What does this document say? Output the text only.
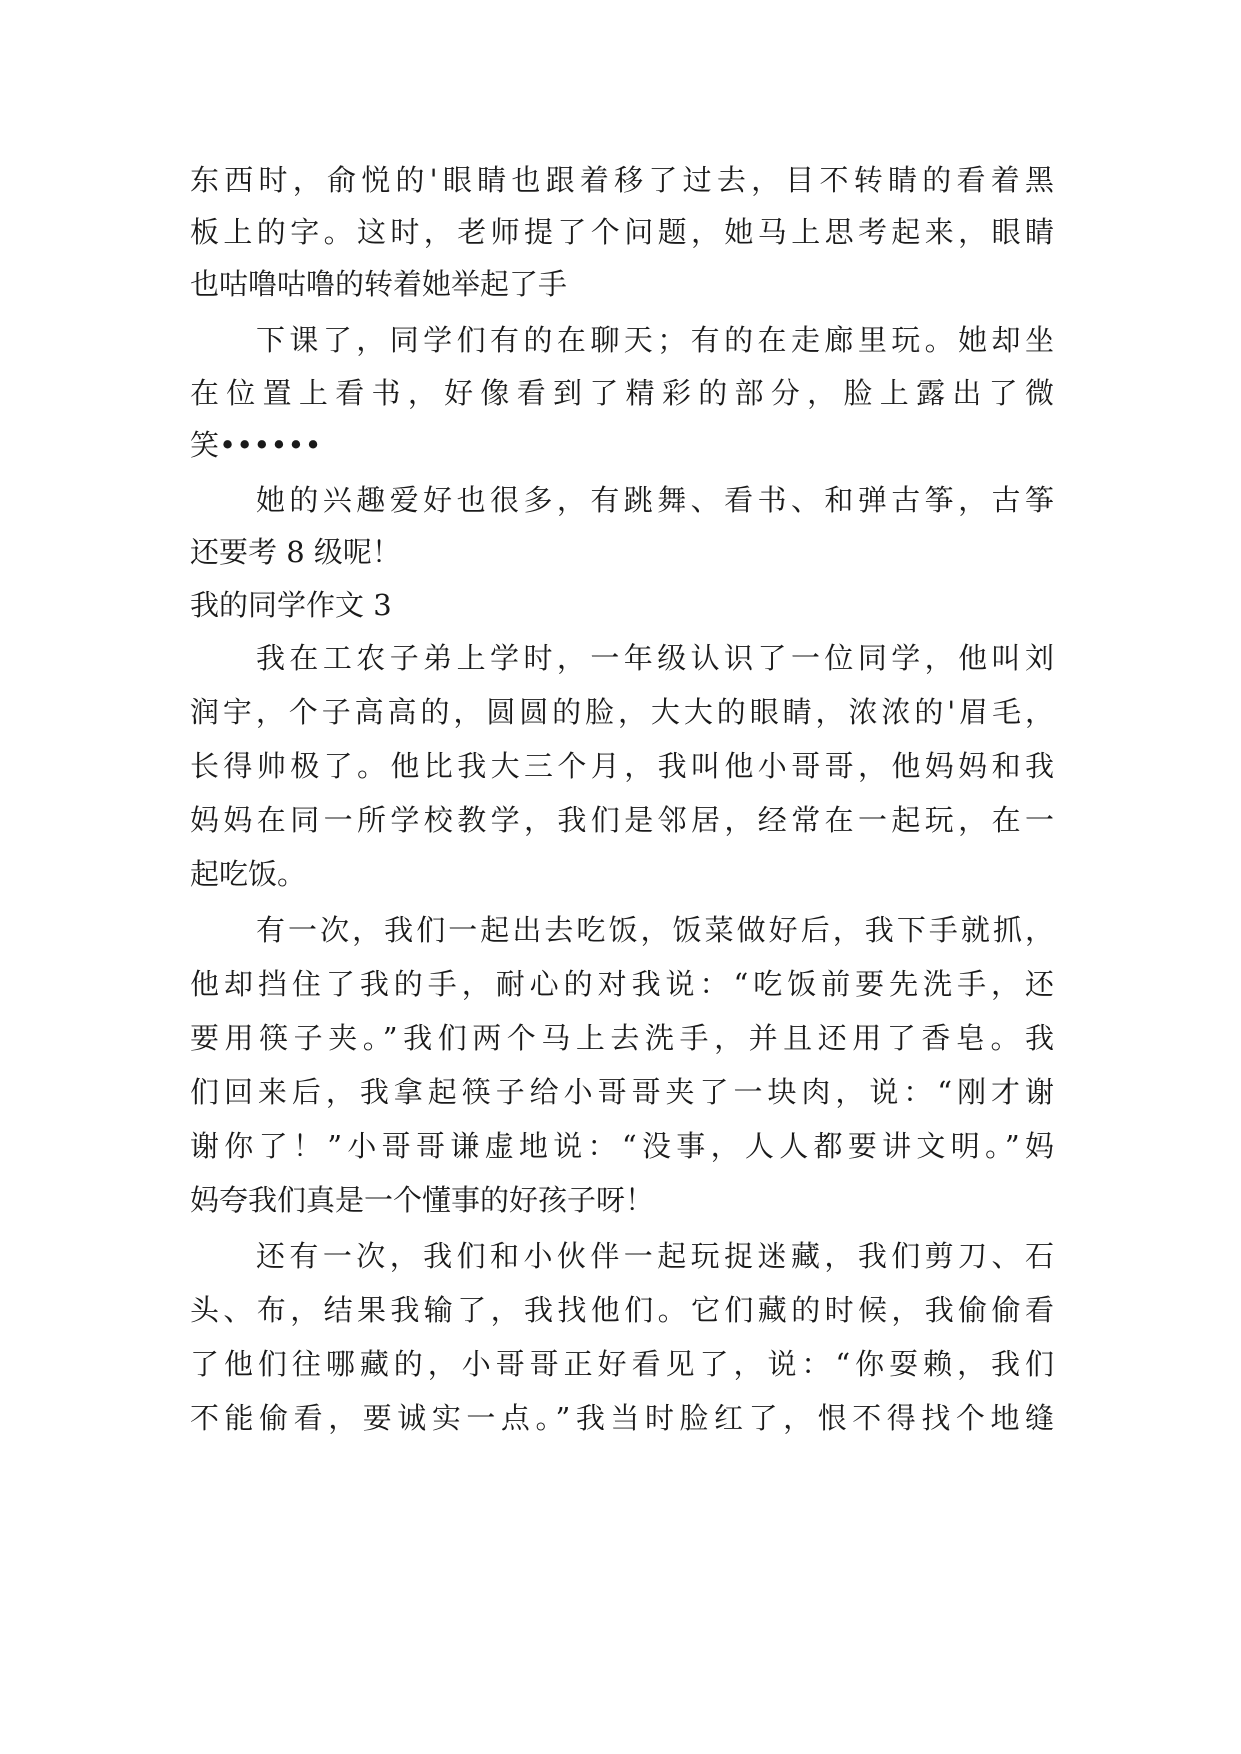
东西时，俞悦的'眼睛也跟着移了过去，目不转睛的看着黑
板上的字。这时，老师提了个问题，她马上思考起来，眼睛
也咕噜咕噜的转着她举起了手
下课了，同学们有的在聊天；有的在走廊里玩。她却坐
在位置上看书，好像看到了精彩的部分，脸上露出了微
笑••••••
她的兴趣爱好也很多，有跳舞、看书、和弹古筝，古筝
还要考 8 级呢！
我的同学作文 3
我在工农子弟上学时，一年级认识了一位同学，他叫刘
润宇，个子高高的，圆圆的脸，大大的眼睛，浓浓的'眉毛，
长得帅极了。他比我大三个月，我叫他小哥哥，他妈妈和我
妈妈在同一所学校教学，我们是邻居，经常在一起玩，在一
起吃饭。
有一次，我们一起出去吃饭，饭菜做好后，我下手就抓，
他却挡住了我的手，耐心的对我说：“吃饭前要先洗手，还
要用筷子夹。”我们两个马上去洗手，并且还用了香皂。我
们回来后，我拿起筷子给小哥哥夹了一块肉，说：“刚才谢
谢你了！”小哥哥谦虚地说：“没事，人人都要讲文明。”妈
妈夸我们真是一个懂事的好孩子呀！
还有一次，我们和小伙伴一起玩捉迷藏，我们剪刀、石
头、布，结果我输了，我找他们。它们藏的时候，我偷偷看
了他们往哪藏的，小哥哥正好看见了，说：“你耍赖，我们
不能偷看，要诚实一点。”我当时脸红了，恨不得找个地缝
